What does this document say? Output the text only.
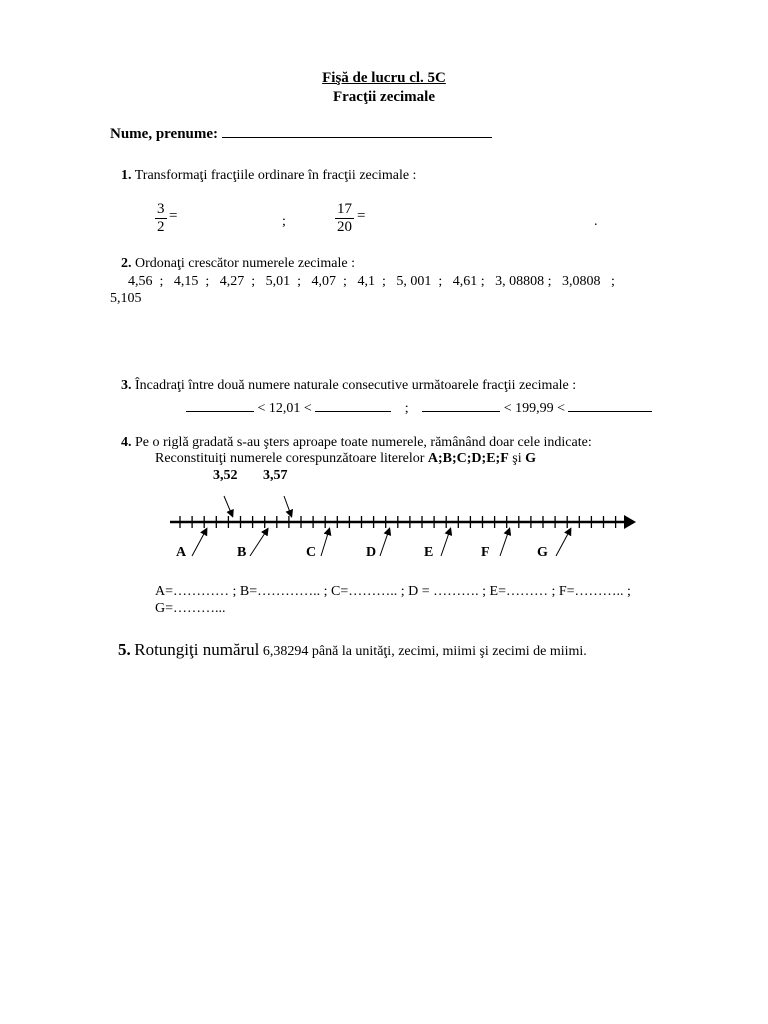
Fişă de lucru cl. 5C
Fracţii zecimale
Nume, prenume:
1. Transformaţi fracţiile ordinare în fracţii zecimale :
$\frac{3}{2}$ =	;	$\frac{17}{20}$ =	.
2. Ordonaţi crescător numerele zecimale :
4,56  ;   4,15  ;   4,27  ;   5,01  ;   4,07  ;   4,1  ;   5, 001  ;   4,61 ;   3, 08808 ;   3,0808   ;
5,105
3. Încadraţi între două numere naturale consecutive următoarele fracţii zecimale :
< 12,01 <	;	< 199,99 <
4. Pe o riglă gradată s-au şters aproape toate numerele, rămânând doar cele indicate:
Reconstituiţi numerele corespunzătoare literelor A;B;C;D;E;F şi G
3,52 3,57
A	B	C	D	E	F	G
A=………… ; B=………….. ; C=……….. ; D = ………. ; E=……… ; F=……….. ;
G=………...
5. Rotungiţi numărul 6,38294 până la unităţi, zecimi, miimi şi zecimi de miimi.
